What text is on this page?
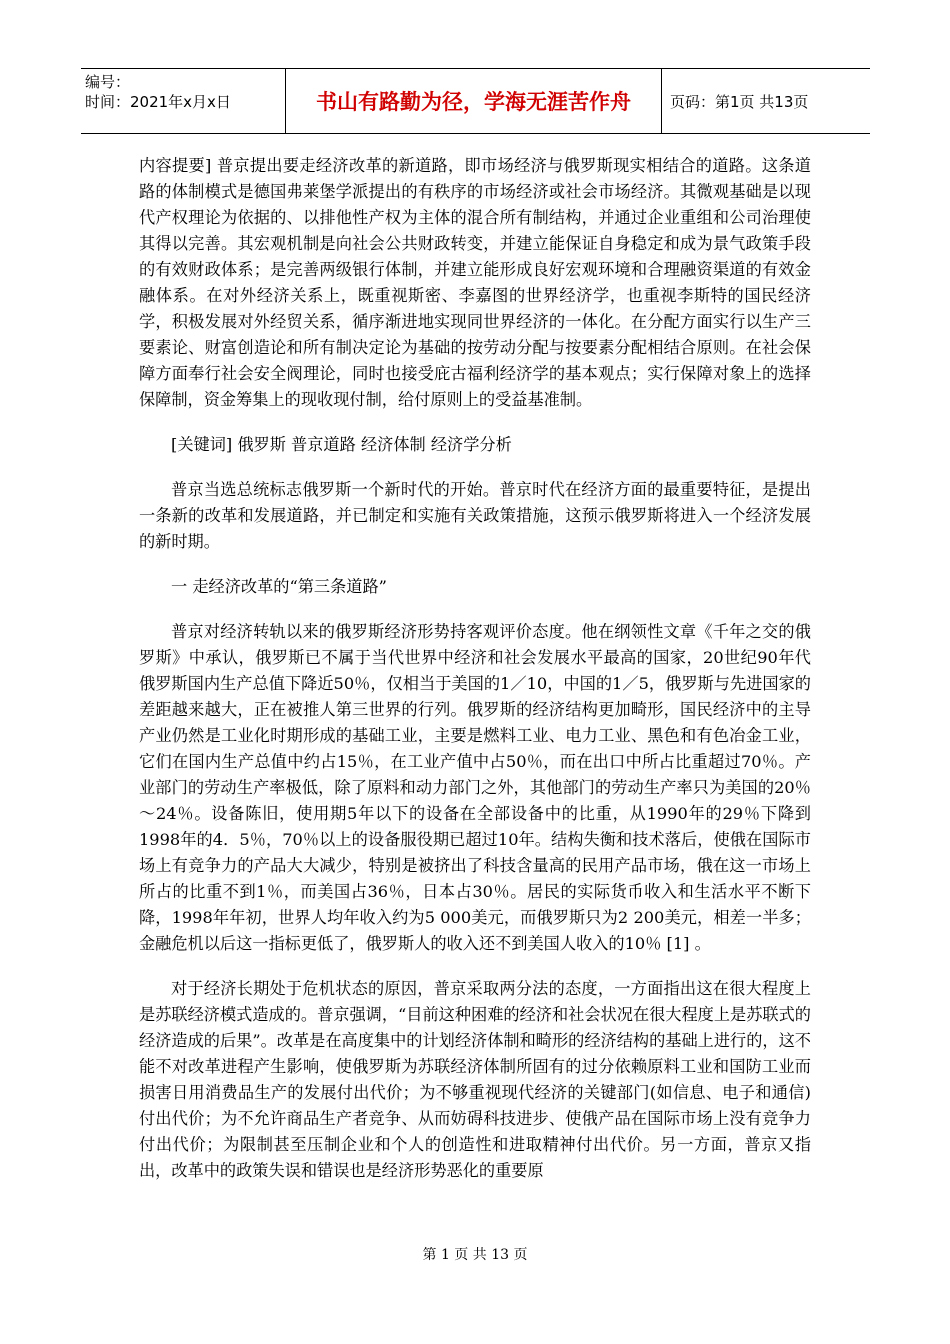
编号：
时间：2021年x月x日	书山有路勤为径，学海无涯苦作舟	页码：第1页 共13页

内容提要] 普京提出要走经济改革的新道路，即市场经济与俄罗斯现实相结合的道路。这条道路的体制模式是德国弗莱堡学派提出的有秩序的市场经济或社会市场经济。其微观基础是以现代产权理论为依据的、以排他性产权为主体的混合所有制结构，并通过企业重组和公司治理使其得以完善。其宏观机制是向社会公共财政转变，并建立能保证自身稳定和成为景气政策手段的有效财政体系；是完善两级银行体制，并建立能形成良好宏观环境和合理融资渠道的有效金融体系。在对外经济关系上，既重视斯密、李嘉图的世界经济学，也重视李斯特的国民经济学，积极发展对外经贸关系，循序渐进地实现同世界经济的一体化。在分配方面实行以生产三要素论、财富创造论和所有制决定论为基础的按劳动分配与按要素分配相结合原则。在社会保障方面奉行社会安全阀理论，同时也接受庇古福利经济学的基本观点；实行保障对象上的选择保障制，资金筹集上的现收现付制，给付原则上的受益基准制。

[关键词] 俄罗斯 普京道路 经济体制 经济学分析

普京当选总统标志俄罗斯一个新时代的开始。普京时代在经济方面的最重要特征，是提出一条新的改革和发展道路，并已制定和实施有关政策措施，这预示俄罗斯将进入一个经济发展的新时期。

一 走经济改革的“第三条道路”

普京对经济转轨以来的俄罗斯经济形势持客观评价态度。他在纲领性文章《千年之交的俄罗斯》中承认，俄罗斯已不属于当代世界中经济和社会发展水平最高的国家，20世纪90年代俄罗斯国内生产总值下降近50％，仅相当于美国的1／10，中国的1／5，俄罗斯与先进国家的差距越来越大，正在被推人第三世界的行列。俄罗斯的经济结构更加畸形，国民经济中的主导产业仍然是工业化时期形成的基础工业，主要是燃料工业、电力工业、黑色和有色冶金工业，它们在国内生产总值中约占15％，在工业产值中占50％，而在出口中所占比重超过70％。产业部门的劳动生产率极低，除了原料和动力部门之外，其他部门的劳动生产率只为美国的20％～24％。设备陈旧，使用期5年以下的设备在全部设备中的比重，从1990年的29％下降到1998年的4．5％，70％以上的设备服役期已超过10年。结构失衡和技术落后，使俄在国际市场上有竞争力的产品大大减少，特别是被挤出了科技含量高的民用产品市场，俄在这一市场上所占的比重不到1％，而美国占36％，日本占30％。居民的实际货币收入和生活水平不断下降，1998年年初，世界人均年收入约为5 000美元，而俄罗斯只为2 200美元，相差一半多；金融危机以后这一指标更低了，俄罗斯人的收入还不到美国人收入的10％ [1] 。

对于经济长期处于危机状态的原因，普京采取两分法的态度，一方面指出这在很大程度上是苏联经济模式造成的。普京强调，“目前这种困难的经济和社会状况在很大程度上是苏联式的经济造成的后果”。改革是在高度集中的计划经济体制和畸形的经济结构的基础上进行的，这不能不对改革进程产生影响，使俄罗斯为苏联经济体制所固有的过分依赖原料工业和国防工业而损害日用消费品生产的发展付出代价；为不够重视现代经济的关键部门(如信息、电子和通信)付出代价；为不允许商品生产者竞争、从而妨碍科技进步、使俄产品在国际市场上没有竞争力付出代价；为限制甚至压制企业和个人的创造性和进取精神付出代价。另一方面，普京又指出，改革中的政策失误和错误也是经济形势恶化的重要原

第 1 页 共 13 页
